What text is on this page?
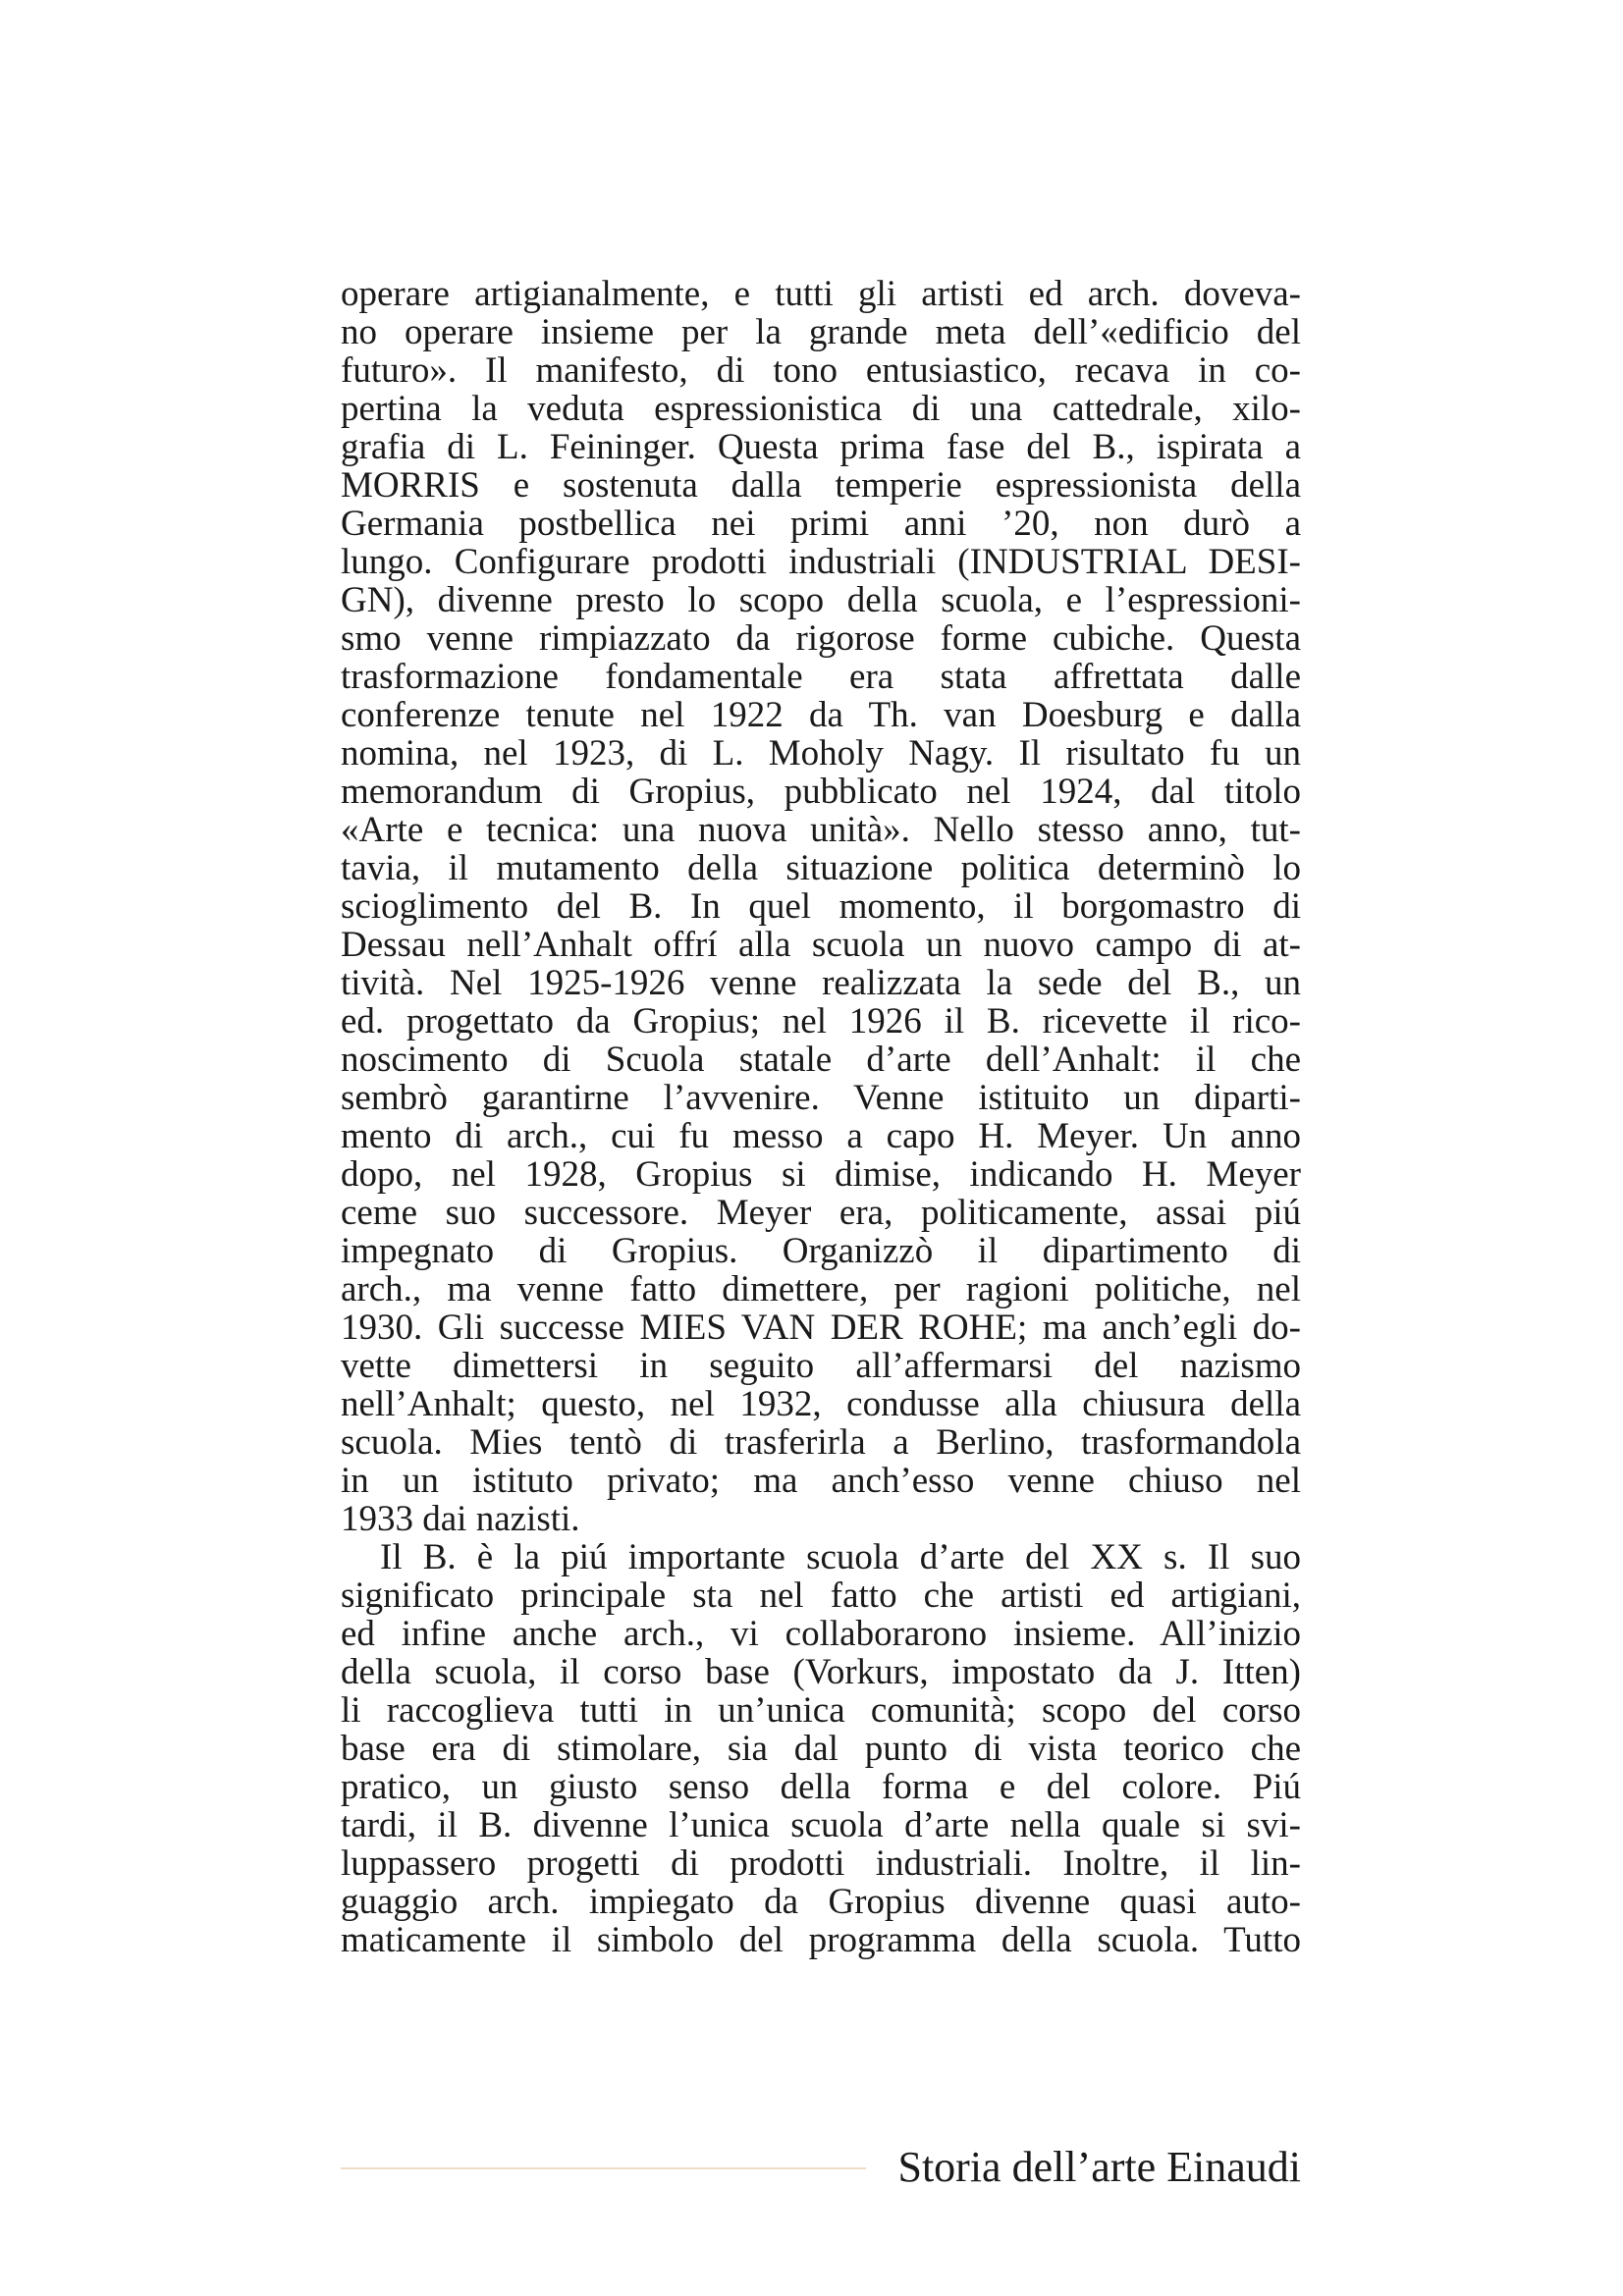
operare artigianalmente, e tutti gli artisti ed arch. doveva-
no operare insieme per la grande meta dell’«edificio del
futuro». Il manifesto, di tono entusiastico, recava in co-
pertina la veduta espressionistica di una cattedrale, xilo-
grafia di L. Feininger. Questa prima fase del B., ispirata a
MORRIS e sostenuta dalla temperie espressionista della
Germania postbellica nei primi anni ’20, non durò a
lungo. Configurare prodotti industriali (INDUSTRIAL DESI-
GN), divenne presto lo scopo della scuola, e l’espressioni-
smo venne rimpiazzato da rigorose forme cubiche. Questa
trasformazione fondamentale era stata affrettata dalle
conferenze tenute nel 1922 da Th. van Doesburg e dalla
nomina, nel 1923, di L. Moholy Nagy. Il risultato fu un
memorandum di Gropius, pubblicato nel 1924, dal titolo
«Arte e tecnica: una nuova unità». Nello stesso anno, tut-
tavia, il mutamento della situazione politica determinò lo
scioglimento del B. In quel momento, il borgomastro di
Dessau nell’Anhalt offrí alla scuola un nuovo campo di at-
tività. Nel 1925-1926 venne realizzata la sede del B., un
ed. progettato da Gropius; nel 1926 il B. ricevette il rico-
noscimento di Scuola statale d’arte dell’Anhalt: il che
sembrò garantirne l’avvenire. Venne istituito un diparti-
mento di arch., cui fu messo a capo H. Meyer. Un anno
dopo, nel 1928, Gropius si dimise, indicando H. Meyer
ceme suo successore. Meyer era, politicamente, assai piú
impegnato di Gropius. Organizzò il dipartimento di
arch., ma venne fatto dimettere, per ragioni politiche, nel
1930. Gli successe MIES VAN DER ROHE; ma anch’egli do-
vette dimettersi in seguito all’affermarsi del nazismo
nell’Anhalt; questo, nel 1932, condusse alla chiusura della
scuola. Mies tentò di trasferirla a Berlino, trasformandola
in un istituto privato; ma anch’esso venne chiuso nel
1933 dai nazisti.
Il B. è la piú importante scuola d’arte del XX s. Il suo
significato principale sta nel fatto che artisti ed artigiani,
ed infine anche arch., vi collaborarono insieme. All’inizio
della scuola, il corso base (Vorkurs, impostato da J. Itten)
li raccoglieva tutti in un’unica comunità; scopo del corso
base era di stimolare, sia dal punto di vista teorico che
pratico, un giusto senso della forma e del colore. Piú
tardi, il B. divenne l’unica scuola d’arte nella quale si svi-
luppassero progetti di prodotti industriali. Inoltre, il lin-
guaggio arch. impiegato da Gropius divenne quasi auto-
maticamente il simbolo del programma della scuola. Tutto
Storia dell’arte Einaudi
